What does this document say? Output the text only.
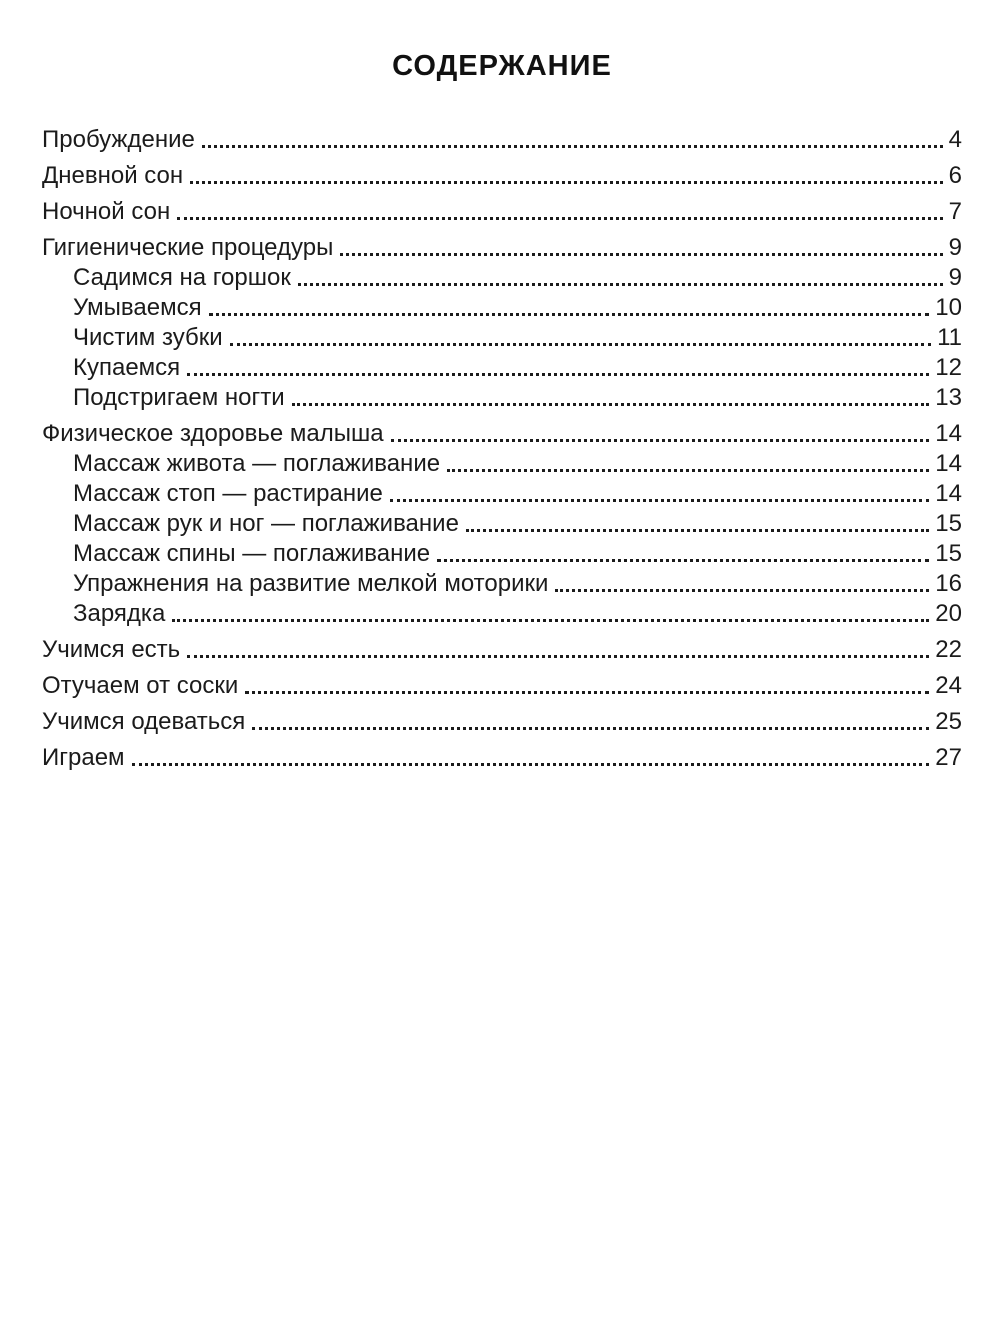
СОДЕРЖАНИЕ
Пробуждение	4
Дневной сон	6
Ночной сон	7
Гигиенические процедуры	9
Садимся на горшок	9
Умываемся	10
Чистим зубки	11
Купаемся	12
Подстригаем ногти	13
Физическое здоровье малыша	14
Массаж живота — поглаживание	14
Массаж стоп — растирание	14
Массаж рук и ног — поглаживание	15
Массаж спины — поглаживание	15
Упражнения на развитие мелкой моторики	16
Зарядка	20
Учимся есть	22
Отучаем от соски	24
Учимся одеваться	25
Играем	27
